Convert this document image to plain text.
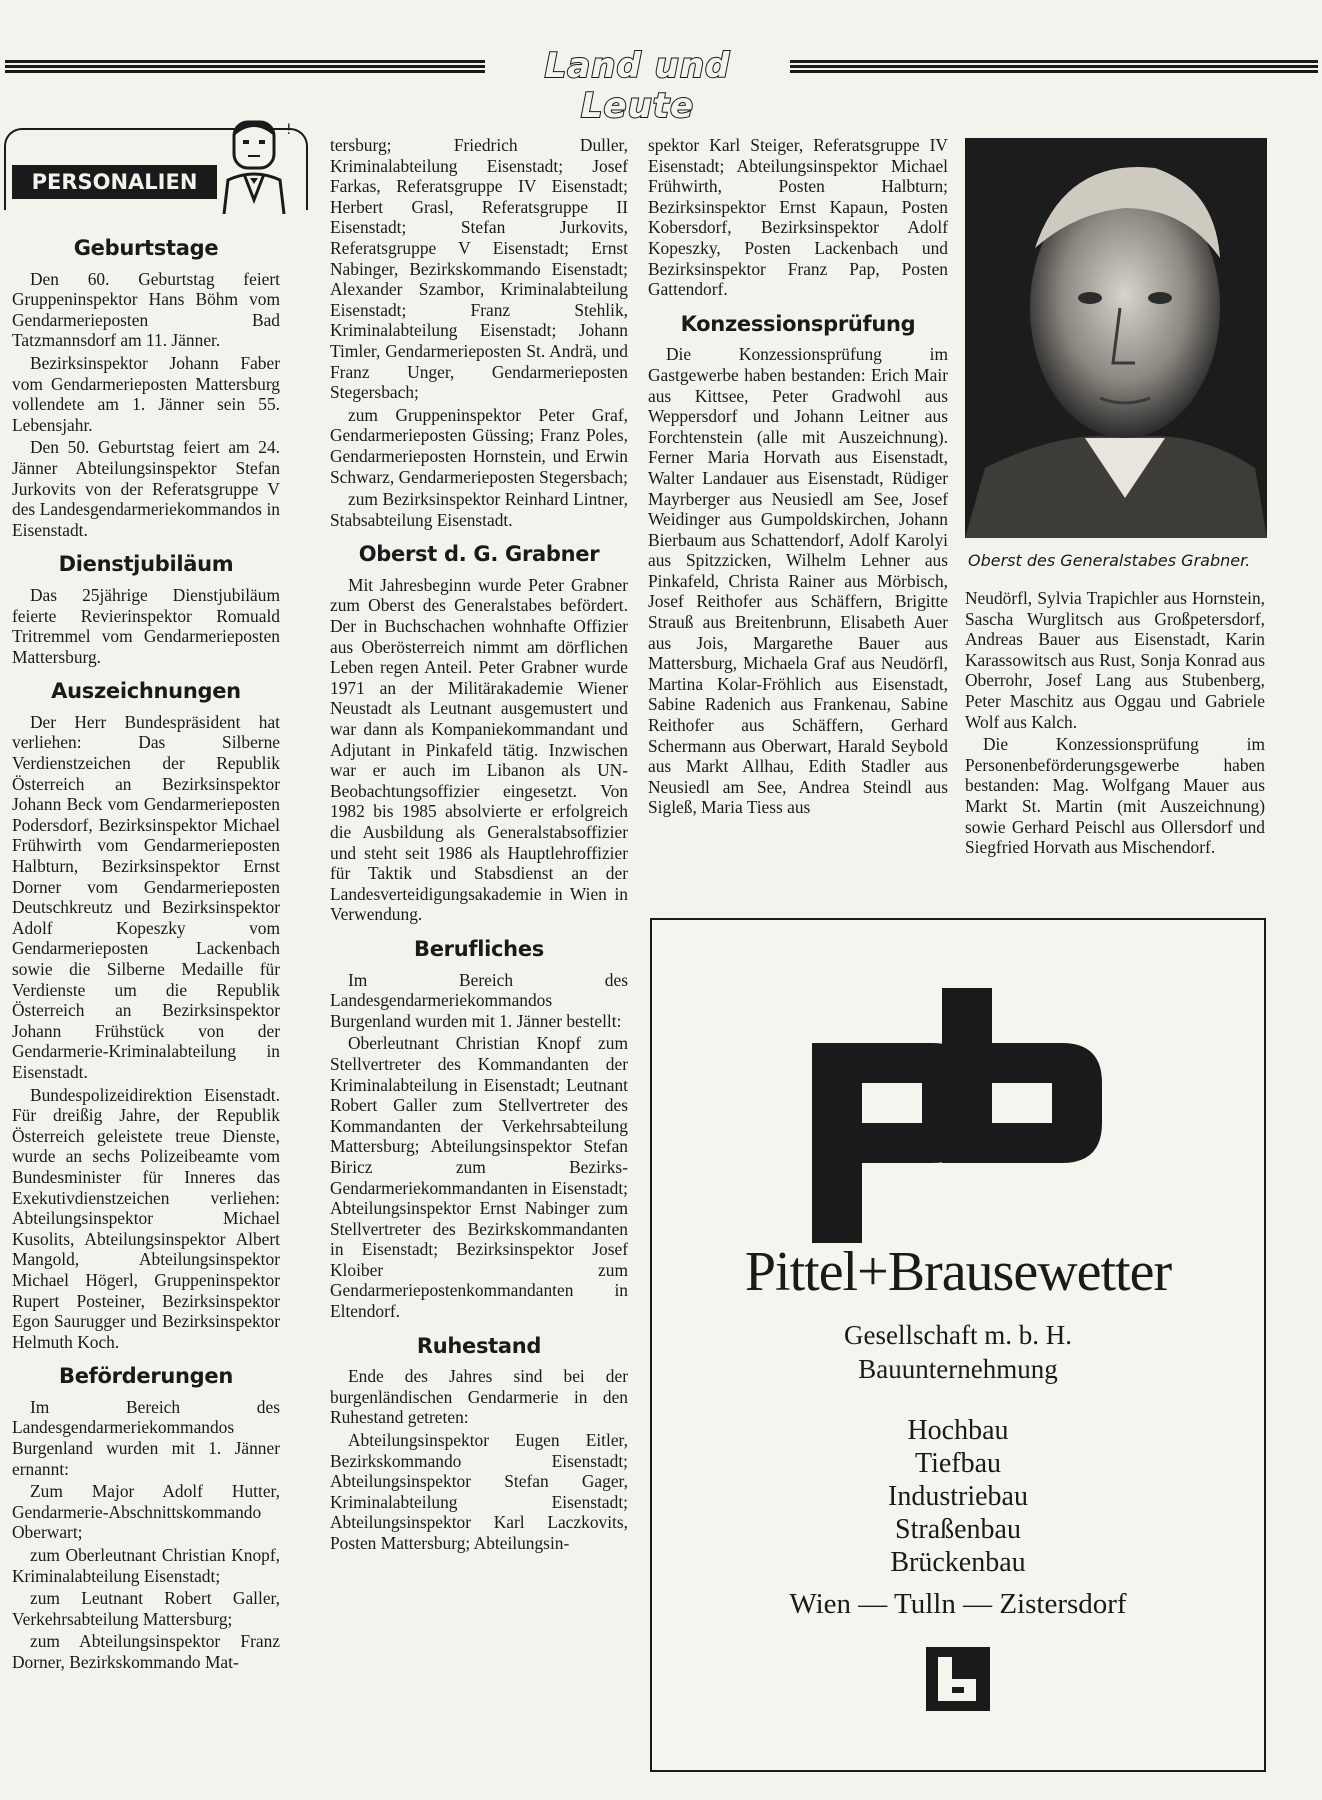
Land und Leute
PERSONALIEN
!
Geburtstage

Den 60. Geburtstag feiert Gruppeninspektor Hans Böhm vom Gendarmerieposten Bad Tatzmannsdorf am 11. Jänner.

Bezirksinspektor Johann Faber vom Gendarmerieposten Mattersburg vollendete am 1. Jänner sein 55. Lebensjahr.

Den 50. Geburtstag feiert am 24. Jänner Abteilungsinspektor Stefan Jurkovits von der Referatsgruppe V des Landesgendarmeriekommandos in Eisenstadt.

Dienstjubiläum

Das 25jährige Dienstjubiläum feierte Revierinspektor Romuald Tritremmel vom Gendarmerieposten Mattersburg.

Auszeichnungen

Der Herr Bundespräsident hat verliehen: Das Silberne Verdienstzeichen der Republik Österreich an Bezirksinspektor Johann Beck vom Gendarmerieposten Podersdorf, Bezirksinspektor Michael Frühwirth vom Gendarmerieposten Halbturn, Bezirksinspektor Ernst Dorner vom Gendarmerieposten Deutschkreutz und Bezirksinspektor Adolf Kopeszky vom Gendarmerieposten Lackenbach sowie die Silberne Medaille für Verdienste um die Republik Österreich an Bezirksinspektor Johann Frühstück von der Gendarmerie-Kriminalabteilung in Eisenstadt.

Bundespolizeidirektion Eisenstadt. Für dreißig Jahre, der Republik Österreich geleistete treue Dienste, wurde an sechs Polizeibeamte vom Bundesminister für Inneres das Exekutivdienstzeichen verliehen: Abteilungsinspektor Michael Kusolits, Abteilungsinspektor Albert Mangold, Abteilungsinspektor Michael Högerl, Gruppeninspektor Rupert Posteiner, Bezirksinspektor Egon Saurugger und Bezirksinspektor Helmuth Koch.

Beförderungen

Im Bereich des Landesgendarmeriekommandos Burgenland wurden mit 1. Jänner ernannt:

Zum Major Adolf Hutter, Gendarmerie-Abschnittskommando Oberwart;

zum Oberleutnant Christian Knopf, Kriminalabteilung Eisenstadt;

zum Leutnant Robert Galler, Verkehrsabteilung Mattersburg;

zum Abteilungsinspektor Franz Dorner, Bezirkskommando Mat-

tersburg; Friedrich Duller, Kriminalabteilung Eisenstadt; Josef Farkas, Referatsgruppe IV Eisenstadt; Herbert Grasl, Referatsgruppe II Eisenstadt; Stefan Jurkovits, Referatsgruppe V Eisenstadt; Ernst Nabinger, Bezirkskommando Eisenstadt; Alexander Szambor, Kriminalabteilung Eisenstadt; Franz Stehlik, Kriminalabteilung Eisenstadt; Johann Timler, Gendarmerieposten St. Andrä, und Franz Unger, Gendarmerieposten Stegersbach;

zum Gruppeninspektor Peter Graf, Gendarmerieposten Güssing; Franz Poles, Gendarmerieposten Hornstein, und Erwin Schwarz, Gendarmerieposten Stegersbach;

zum Bezirksinspektor Reinhard Lintner, Stabsabteilung Eisenstadt.

Oberst d. G. Grabner

Mit Jahresbeginn wurde Peter Grabner zum Oberst des Generalstabes befördert. Der in Buchschachen wohnhafte Offizier aus Oberösterreich nimmt am dörflichen Leben regen Anteil. Peter Grabner wurde 1971 an der Militärakademie Wiener Neustadt als Leutnant ausgemustert und war dann als Kompaniekommandant und Adjutant in Pinkafeld tätig. Inzwischen war er auch im Libanon als UN-Beobachtungsoffizier eingesetzt. Von 1982 bis 1985 absolvierte er erfolgreich die Ausbildung als Generalstabsoffizier und steht seit 1986 als Hauptlehroffizier für Taktik und Stabsdienst an der Landesverteidigungsakademie in Wien in Verwendung.

Berufliches

Im Bereich des Landesgendarmeriekommandos Burgenland wurden mit 1. Jänner bestellt:

Oberleutnant Christian Knopf zum Stellvertreter des Kommandanten der Kriminalabteilung in Eisenstadt; Leutnant Robert Galler zum Stellvertreter des Kommandanten der Verkehrsabteilung Mattersburg; Abteilungsinspektor Stefan Biricz zum Bezirks-Gendarmeriekommandanten in Eisenstadt; Abteilungsinspektor Ernst Nabinger zum Stellvertreter des Bezirkskommandanten in Eisenstadt; Bezirksinspektor Josef Kloiber zum Gendarmeriepostenkommandanten in Eltendorf.

Ruhestand

Ende des Jahres sind bei der burgenländischen Gendarmerie in den Ruhestand getreten:

Abteilungsinspektor Eugen Eitler, Bezirkskommando Eisenstadt; Abteilungsinspektor Stefan Gager, Kriminalabteilung Eisenstadt; Abteilungsinspektor Karl Laczkovits, Posten Mattersburg; Abteilungsin-

spektor Karl Steiger, Referatsgruppe IV Eisenstadt; Abteilungsinspektor Michael Frühwirth, Posten Halbturn; Bezirksinspektor Ernst Kapaun, Posten Kobersdorf, Bezirksinspektor Adolf Kopeszky, Posten Lackenbach und Bezirksinspektor Franz Pap, Posten Gattendorf.

Konzessionsprüfung

Die Konzessionsprüfung im Gastgewerbe haben bestanden: Erich Mair aus Kittsee, Peter Gradwohl aus Weppersdorf und Johann Leitner aus Forchtenstein (alle mit Auszeichnung). Ferner Maria Horvath aus Eisenstadt, Walter Landauer aus Eisenstadt, Rüdiger Mayrberger aus Neusiedl am See, Josef Weidinger aus Gumpoldskirchen, Johann Bierbaum aus Schattendorf, Adolf Karolyi aus Spitzzicken, Wilhelm Lehner aus Pinkafeld, Christa Rainer aus Mörbisch, Josef Reithofer aus Schäffern, Brigitte Strauß aus Breitenbrunn, Elisabeth Auer aus Jois, Margarethe Bauer aus Mattersburg, Michaela Graf aus Neudörfl, Martina Kolar-Fröhlich aus Eisenstadt, Sabine Radenich aus Frankenau, Sabine Reithofer aus Schäffern, Gerhard Schermann aus Oberwart, Harald Seybold aus Markt Allhau, Edith Stadler aus Neusiedl am See, Andrea Steindl aus Sigleß, Maria Tiess aus

Oberst des Generalstabes Grabner.

Neudörfl, Sylvia Trapichler aus Hornstein, Sascha Wurglitsch aus Großpetersdorf, Andreas Bauer aus Eisenstadt, Karin Karassowitsch aus Rust, Sonja Konrad aus Oberrohr, Josef Lang aus Stubenberg, Peter Maschitz aus Oggau und Gabriele Wolf aus Kalch.

Die Konzessionsprüfung im Personenbeförderungsgewerbe haben bestanden: Mag. Wolfgang Mauer aus Markt St. Martin (mit Auszeichnung) sowie Gerhard Peischl aus Ollersdorf und Siegfried Horvath aus Mischendorf.

Pittel+Brausewetter
Gesellschaft m. b. H.
Bauunternehmung
Hochbau
Tiefbau
Industriebau
Straßenbau
Brückenbau
Wien — Tulln — Zistersdorf
